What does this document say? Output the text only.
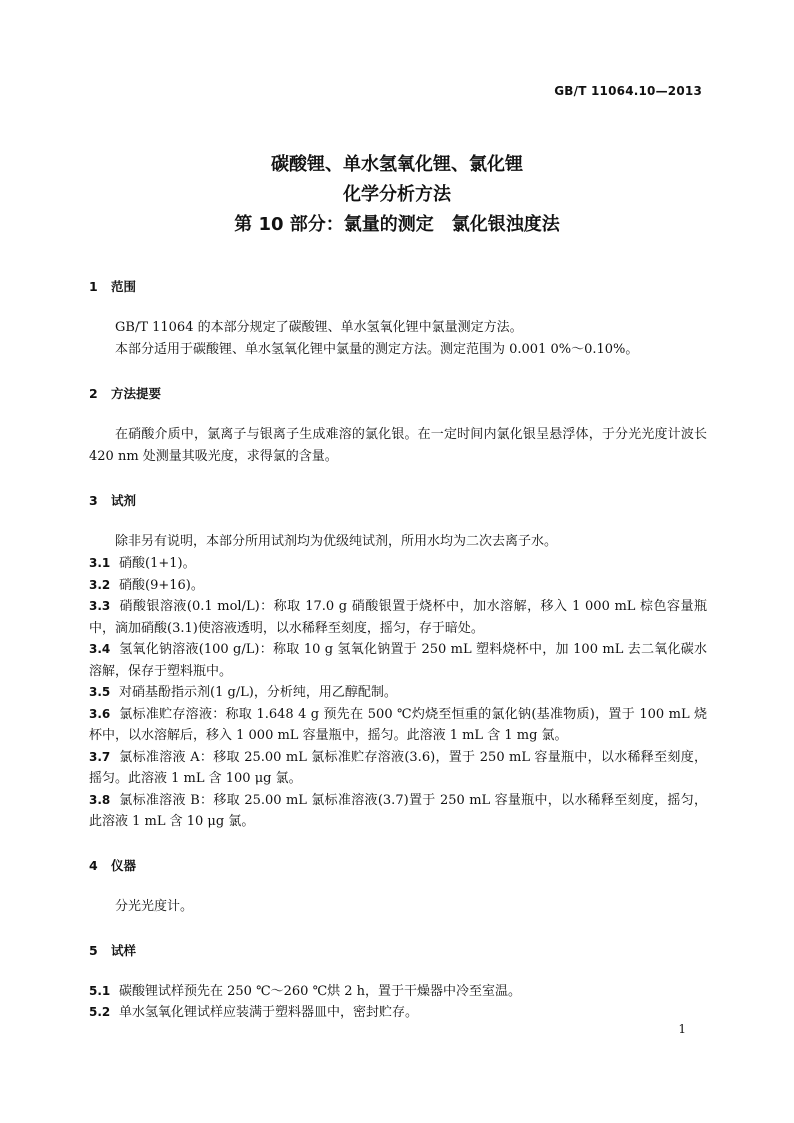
GB/T 11064.10—2013
碳酸锂、单水氢氧化锂、氯化锂
化学分析方法
第 10 部分：氯量的测定　氯化银浊度法
1 范围
GB/T 11064 的本部分规定了碳酸锂、单水氢氧化锂中氯量测定方法。
本部分适用于碳酸锂、单水氢氧化锂中氯量的测定方法。测定范围为 0.001 0%～0.10%。
2 方法提要
在硝酸介质中，氯离子与银离子生成难溶的氯化银。在一定时间内氯化银呈悬浮体，于分光光度计波长 420 nm 处测量其吸光度，求得氯的含量。
3 试剂
除非另有说明，本部分所用试剂均为优级纯试剂，所用水均为二次去离子水。
3.1 硝酸(1+1)。
3.2 硝酸(9+16)。
3.3 硝酸银溶液(0.1 mol/L)：称取 17.0 g 硝酸银置于烧杯中，加水溶解，移入 1 000 mL 棕色容量瓶中，滴加硝酸(3.1)使溶液透明，以水稀释至刻度，摇匀，存于暗处。
3.4 氢氧化钠溶液(100 g/L)：称取 10 g 氢氧化钠置于 250 mL 塑料烧杯中，加 100 mL 去二氧化碳水溶解，保存于塑料瓶中。
3.5 对硝基酚指示剂(1 g/L)，分析纯，用乙醇配制。
3.6 氯标准贮存溶液：称取 1.648 4 g 预先在 500 ℃灼烧至恒重的氯化钠(基准物质)，置于 100 mL 烧杯中，以水溶解后，移入 1 000 mL 容量瓶中，摇匀。此溶液 1 mL 含 1 mg 氯。
3.7 氯标准溶液 A：移取 25.00 mL 氯标准贮存溶液(3.6)，置于 250 mL 容量瓶中，以水稀释至刻度，摇匀。此溶液 1 mL 含 100 μg 氯。
3.8 氯标准溶液 B：移取 25.00 mL 氯标准溶液(3.7)置于 250 mL 容量瓶中，以水稀释至刻度，摇匀，此溶液 1 mL 含 10 μg 氯。
4 仪器
分光光度计。
5 试样
5.1 碳酸锂试样预先在 250 ℃～260 ℃烘 2 h，置于干燥器中冷至室温。
5.2 单水氢氧化锂试样应装满于塑料器皿中，密封贮存。
1
